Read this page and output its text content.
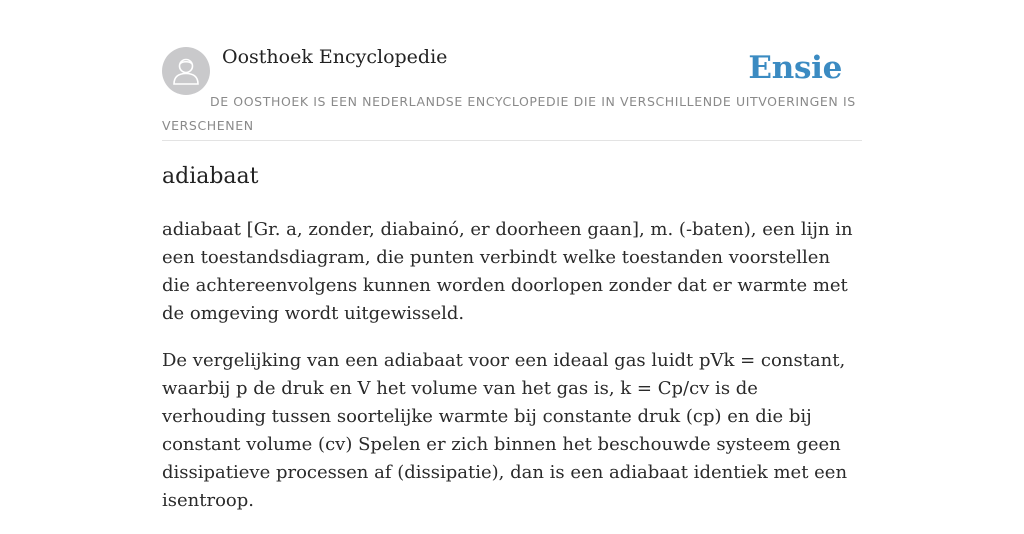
Oosthoek Encyclopedie	Ensie
DE OOSTHOEK IS EEN NEDERLANDSE ENCYCLOPEDIE DIE IN VERSCHILLENDE UITVOERINGEN IS VERSCHENEN
adiabaat

adiabaat [Gr. a, zonder, diabainó, er doorheen gaan], m. (-baten), een lijn in een toestandsdiagram, die punten verbindt welke toestanden voorstellen die achtereenvolgens kunnen worden doorlopen zonder dat er warmte met de omgeving wordt uitgewisseld.

De vergelijking van een adiabaat voor een ideaal gas luidt pVk = constant, waarbij p de druk en V het volume van het gas is, k = Cp/cv is de verhouding tussen soortelijke warmte bij constante druk (cp) en die bij constant volume (cv) Spelen er zich binnen het beschouwde systeem geen dissipatieve processen af (dissipatie), dan is een adiabaat identiek met een isentroop.
